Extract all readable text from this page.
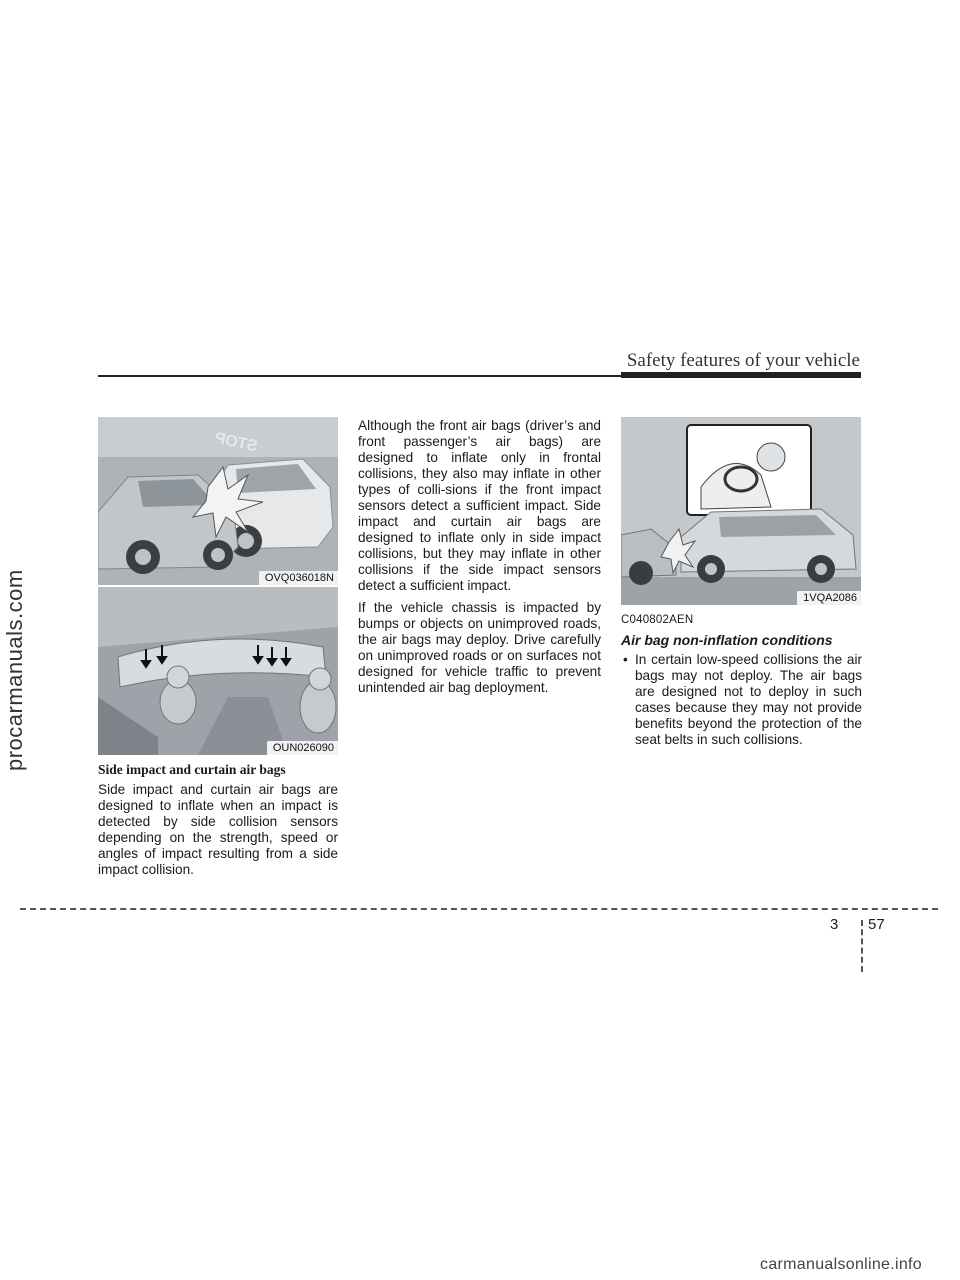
procarmanuals.com
Safety features of your vehicle
STOP
OVQ036018N
OUN026090
Side impact and curtain air bags

Side impact and curtain air bags are designed to inflate when an impact is detected by side collision sensors depending on the strength, speed or angles of impact resulting from a side impact collision.

Although the front air bags (driver’s and front passenger’s air bags) are designed to inflate only in frontal collisions, they also may inflate in other types of colli-sions if the front impact sensors detect a sufficient impact. Side impact and curtain air bags are designed to inflate only in side impact collisions, but they may inflate in other collisions if the side impact sensors detect a sufficient impact.

If the vehicle chassis is impacted by bumps or objects on unimproved roads, the air bags may deploy. Drive carefully on unimproved roads or on surfaces not designed for vehicle traffic to prevent unintended air bag deployment.

1VQA2086
C040802AEN
Air bag non-inflation conditions
• In certain low-speed collisions the air bags may not deploy. The air bags are designed not to deploy in such cases because they may not provide benefits beyond the protection of the seat belts in such collisions.
3 57
carmanualsonline.info
